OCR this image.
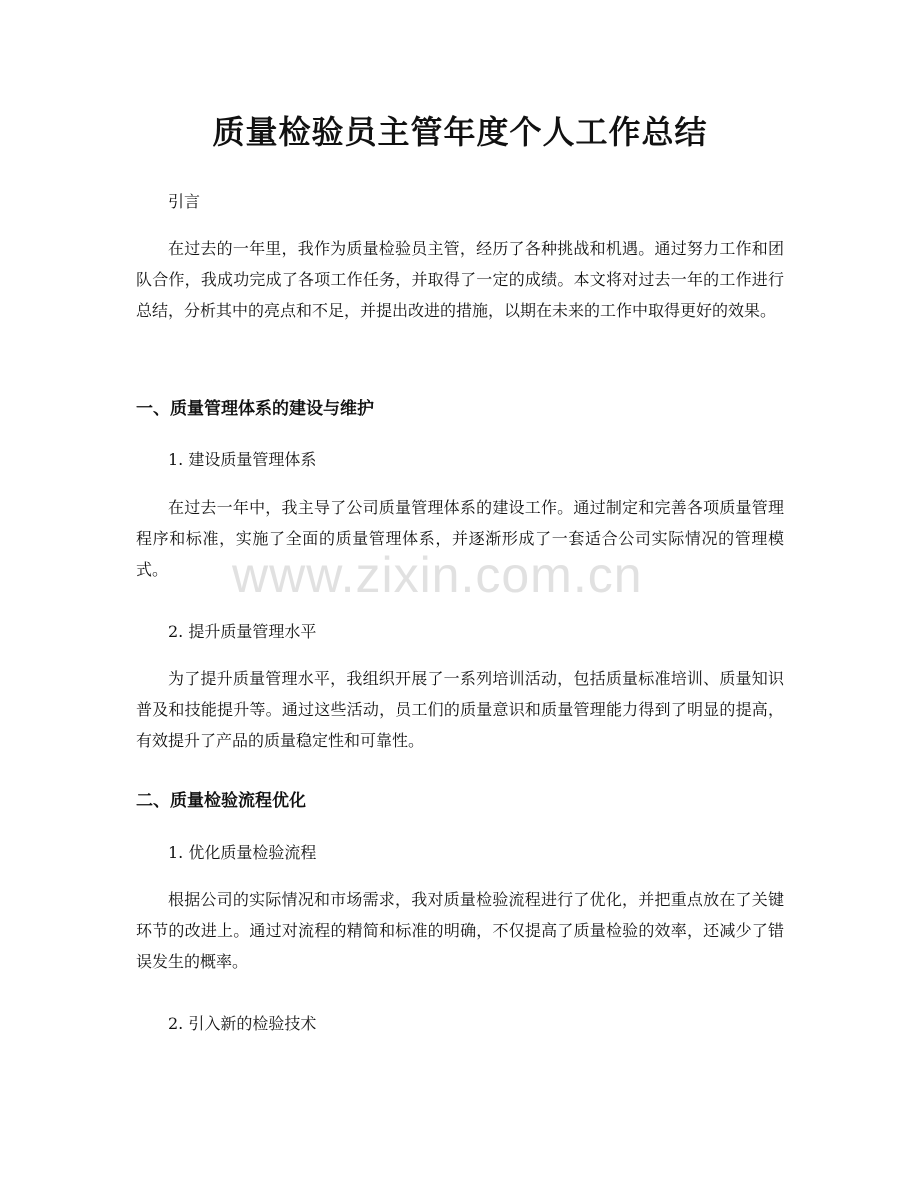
质量检验员主管年度个人工作总结
引言
在过去的一年里，我作为质量检验员主管，经历了各种挑战和机遇。通过努力工作和团队合作，我成功完成了各项工作任务，并取得了一定的成绩。本文将对过去一年的工作进行总结，分析其中的亮点和不足，并提出改进的措施，以期在未来的工作中取得更好的效果。
一、质量管理体系的建设与维护
1. 建设质量管理体系
在过去一年中，我主导了公司质量管理体系的建设工作。通过制定和完善各项质量管理程序和标准，实施了全面的质量管理体系，并逐渐形成了一套适合公司实际情况的管理模式。
2. 提升质量管理水平
为了提升质量管理水平，我组织开展了一系列培训活动，包括质量标准培训、质量知识普及和技能提升等。通过这些活动，员工们的质量意识和质量管理能力得到了明显的提高，有效提升了产品的质量稳定性和可靠性。
二、质量检验流程优化
1. 优化质量检验流程
根据公司的实际情况和市场需求，我对质量检验流程进行了优化，并把重点放在了关键环节的改进上。通过对流程的精简和标准的明确，不仅提高了质量检验的效率，还减少了错误发生的概率。
2. 引入新的检验技术
www.zixin.com.cn
